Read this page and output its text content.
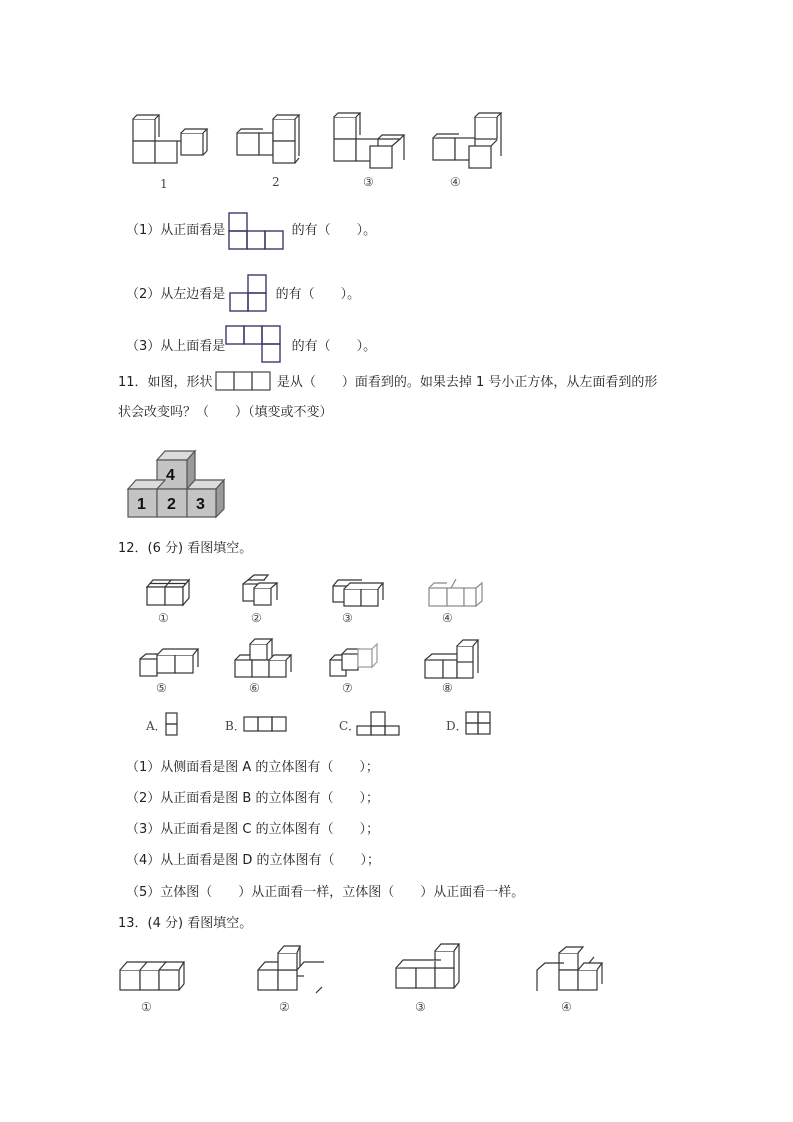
1	2	③	④
（1）从正面看是	的有（　　）。
（2）从左边看是	的有（　　）。
（3）从上面看是	的有（　　）。
11．如图，形状	是从（　　）面看到的。如果去掉 1 号小正方体，从左面看到的形
状会改变吗？（　　）（填变或不变）
4
1 2 3
12．(6 分) 看图填空。
①	②	③	④
⑤	⑥	⑦	⑧
A．	B．	C．	D．
（1）从侧面看是图 A 的立体图有（　　）；
（2）从正面看是图 B 的立体图有（　　）；
（3）从正面看是图 C 的立体图有（　　）；
（4）从上面看是图 D 的立体图有（　　）；
（5）立体图（　　）从正面看一样，立体图（　　）从正面看一样。
13．(4 分) 看图填空。
①	②	③	④
